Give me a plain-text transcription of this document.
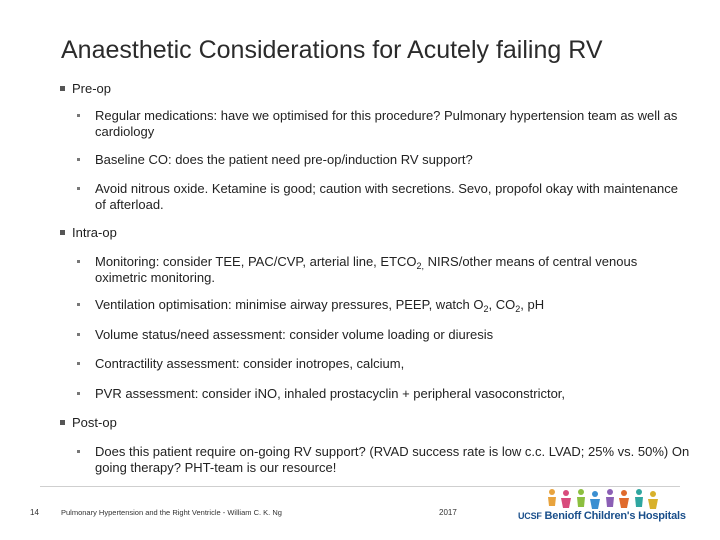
Anaesthetic Considerations for Acutely failing RV
Pre-op
Regular medications: have we optimised for this procedure? Pulmonary hypertension team as well as cardiology
Baseline CO: does the patient need pre-op/induction RV support?
Avoid nitrous oxide. Ketamine is good; caution with secretions. Sevo, propofol okay with maintenance of afterload.
Intra-op
Monitoring: consider TEE, PAC/CVP, arterial line, $ETCO_{2,}$ NIRS/other means of central venous oximetric monitoring.
Ventilation optimisation: minimise airway pressures, PEEP, watch $O_2$, $CO_2$, pH
Volume status/need assessment: consider volume loading or diuresis
Contractility assessment: consider inotropes, calcium,
PVR assessment: consider iNO, inhaled prostacyclin + peripheral vasoconstrictor,
Post-op
Does this patient require on-going RV support? (RVAD success rate is low c.c. LVAD; 25% vs. 50%) On going therapy? PHT-team is our resource!
14	Pulmonary Hypertension and the Right Ventricle - William C. K. Ng	2017	UCSF Benioff Children's Hospitals
